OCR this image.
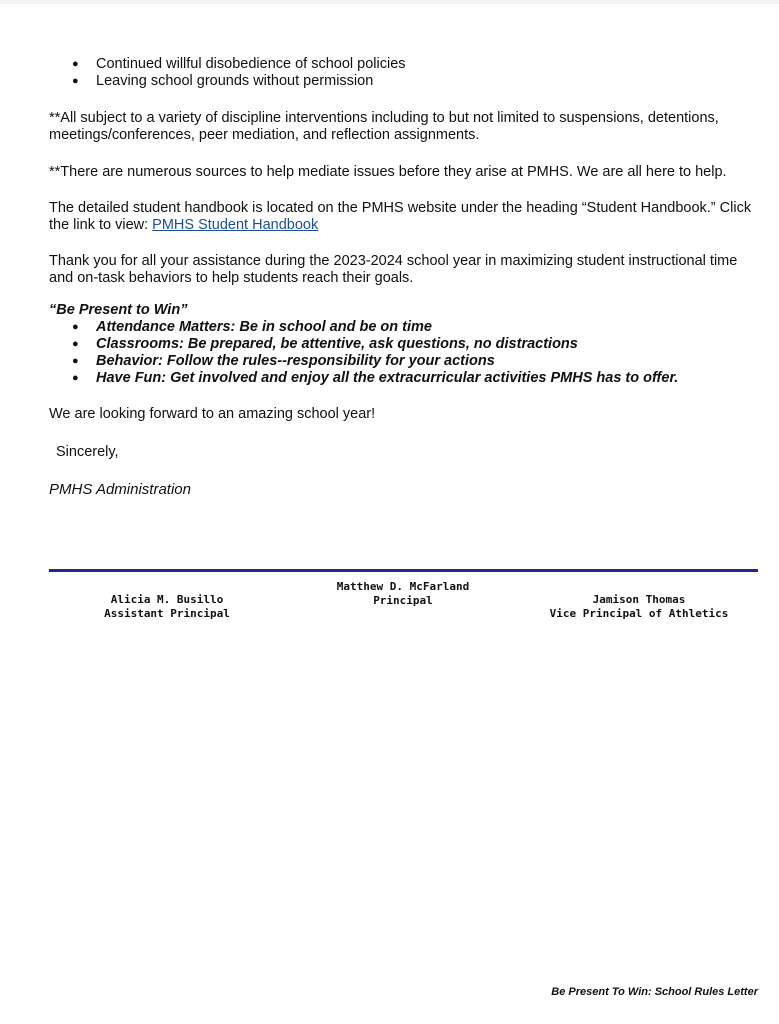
● Continued willful disobedience of school policies
● Leaving school grounds without permission

**All subject to a variety of discipline interventions including to but not limited to suspensions, detentions, meetings/conferences, peer mediation, and reflection assignments.

**There are numerous sources to help mediate issues before they arise at PMHS. We are all here to help.

The detailed student handbook is located on the PMHS website under the heading “Student Handbook.” Click the link to view: PMHS Student Handbook

Thank you for all your assistance during the 2023-2024 school year in maximizing student instructional time and on-task behaviors to help students reach their goals.

“Be Present to Win”

● Attendance Matters: Be in school and be on time
● Classrooms: Be prepared, be attentive, ask questions, no distractions
● Behavior: Follow the rules--responsibility for your actions
● Have Fun: Get involved and enjoy all the extracurricular activities PMHS has to offer.

We are looking forward to an amazing school year!

Sincerely,

PMHS Administration

Alicia M. Busillo
Assistant Principal
Matthew D. McFarland
Principal	Jamison Thomas
Vice Principal of Athletics
Be Present To Win: School Rules Letter
